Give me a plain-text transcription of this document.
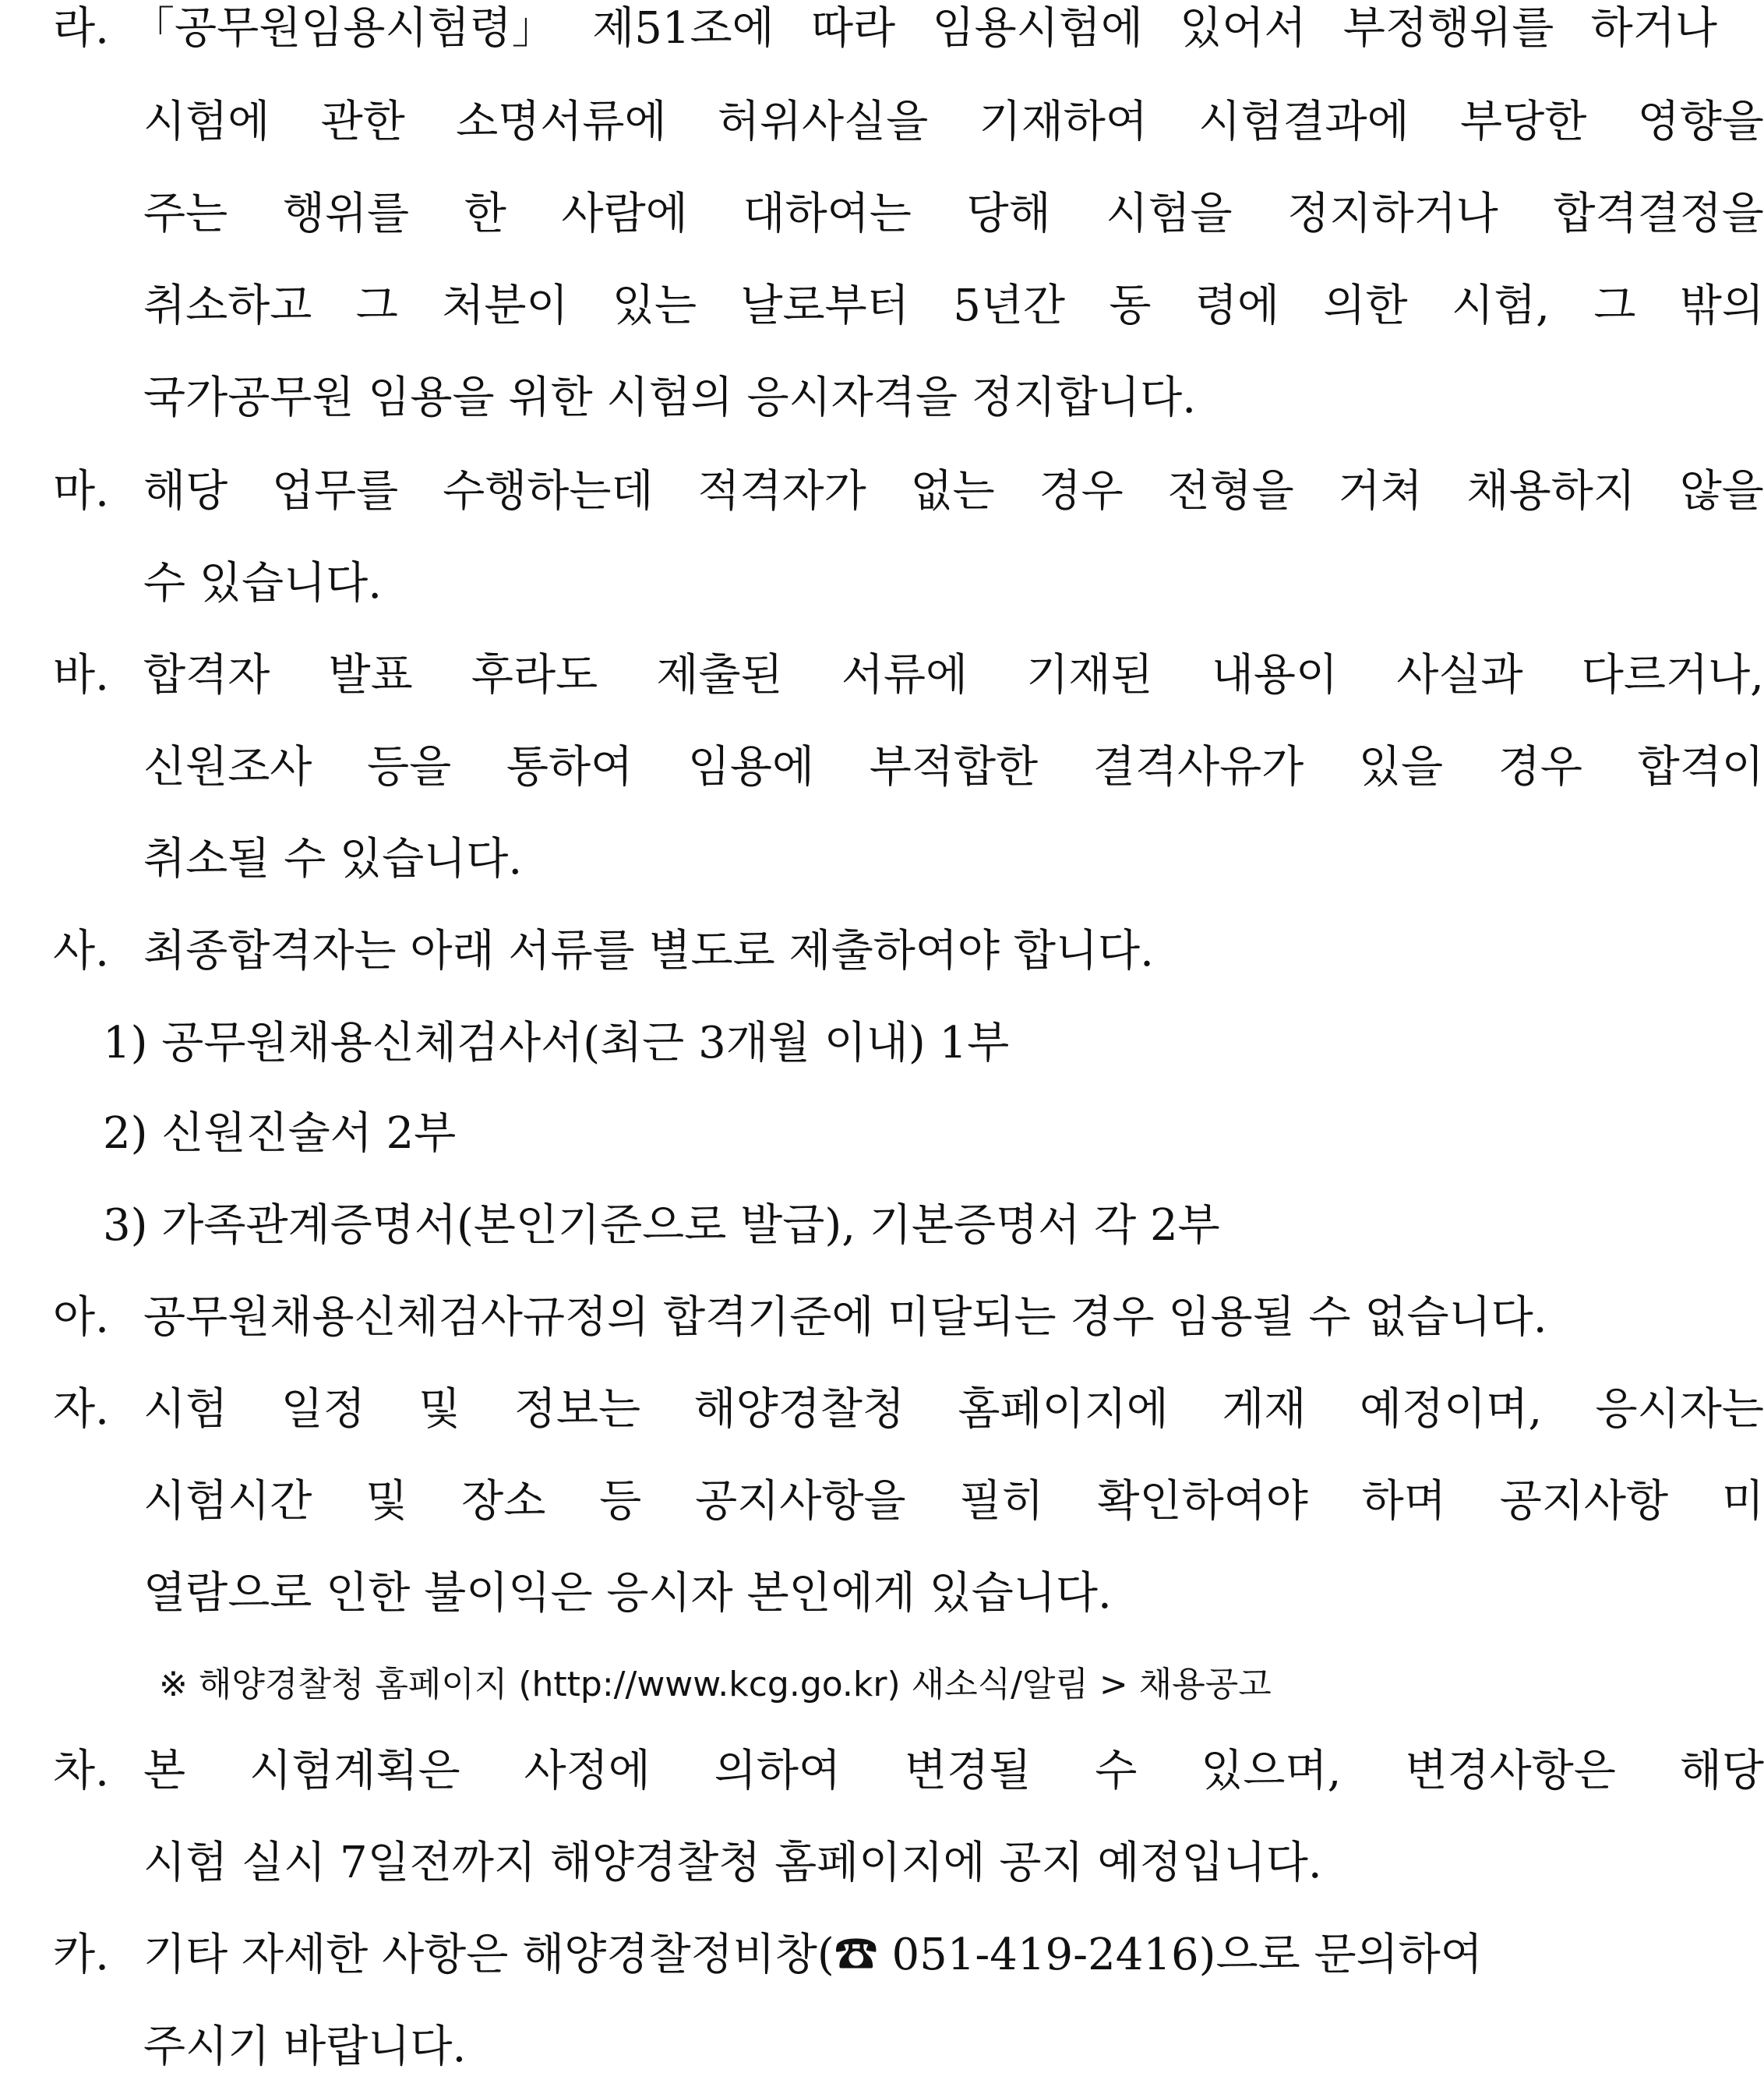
라. 「공무원임용시험령」 제51조에 따라 임용시험에 있어서 부정행위를 하거나
시험에 관한 소명서류에 허위사실을 기재하여 시험결과에 부당한 영향을
주는 행위를 한 사람에 대하여는 당해 시험을 정지하거나 합격결정을
취소하고 그 처분이 있는 날로부터 5년간 동 령에 의한 시험, 그 밖의
국가공무원 임용을 위한 시험의 응시자격을 정지합니다.
마. 해당 업무를 수행하는데 적격자가 없는 경우 전형을 거쳐 채용하지 않을
수 있습니다.
바. 합격자 발표 후라도 제출된 서류에 기재된 내용이 사실과 다르거나,
신원조사 등을 통하여 임용에 부적합한 결격사유가 있을 경우 합격이
취소될 수 있습니다.
사. 최종합격자는 아래 서류를 별도로 제출하여야 합니다.
1) 공무원채용신체검사서(최근 3개월 이내) 1부
2) 신원진술서 2부
3) 가족관계증명서(본인기준으로 발급), 기본증명서 각 2부
아. 공무원채용신체검사규정의 합격기준에 미달되는 경우 임용될 수 없습니다.
자. 시험 일정 및 정보는 해양경찰청 홈페이지에 게재 예정이며, 응시자는
시험시간 및 장소 등 공지사항을 필히 확인하여야 하며 공지사항 미
열람으로 인한 불이익은 응시자 본인에게 있습니다.
※ 해양경찰청 홈페이지 (http://www.kcg.go.kr) 새소식/알림 > 채용공고
차. 본 시험계획은 사정에 의하여 변경될 수 있으며, 변경사항은 해당
시험 실시 7일전까지 해양경찰청 홈페이지에 공지 예정입니다.
카. 기타 자세한 사항은 해양경찰정비창(☎ 051-419-2416)으로 문의하여
주시기 바랍니다.
